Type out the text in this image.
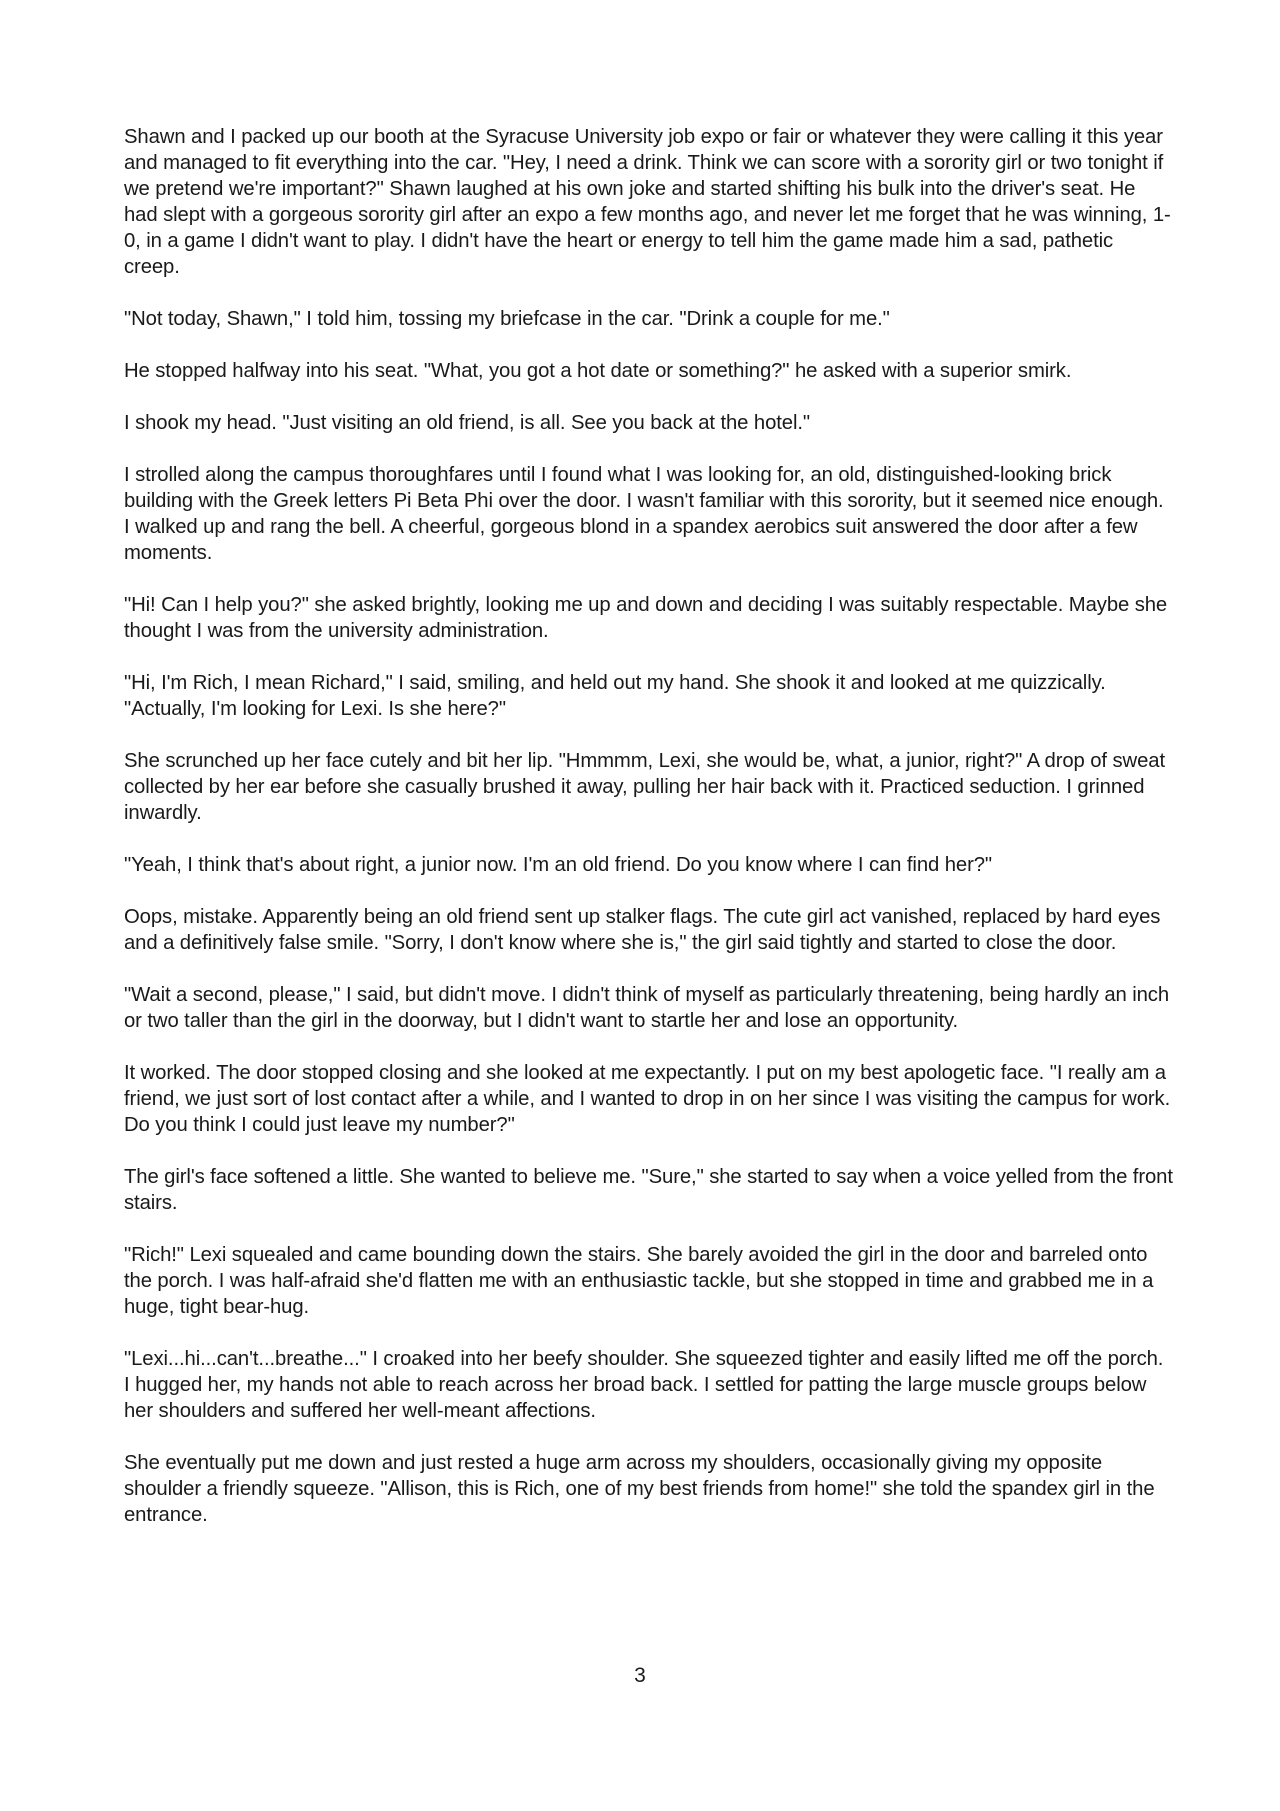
Shawn and I packed up our booth at the Syracuse University job expo or fair or whatever they were calling it this year and managed to fit everything into the car. "Hey, I need a drink. Think we can score with a sorority girl or two tonight if we pretend we're important?" Shawn laughed at his own joke and started shifting his bulk into the driver's seat. He had slept with a gorgeous sorority girl after an expo a few months ago, and never let me forget that he was winning, 1-0, in a game I didn't want to play. I didn't have the heart or energy to tell him the game made him a sad, pathetic creep.

"Not today, Shawn," I told him, tossing my briefcase in the car. "Drink a couple for me."

He stopped halfway into his seat. "What, you got a hot date or something?" he asked with a superior smirk.

I shook my head. "Just visiting an old friend, is all. See you back at the hotel."

I strolled along the campus thoroughfares until I found what I was looking for, an old, distinguished-looking brick building with the Greek letters Pi Beta Phi over the door. I wasn't familiar with this sorority, but it seemed nice enough. I walked up and rang the bell. A cheerful, gorgeous blond in a spandex aerobics suit answered the door after a few moments.

"Hi! Can I help you?" she asked brightly, looking me up and down and deciding I was suitably respectable. Maybe she thought I was from the university administration.

"Hi, I'm Rich, I mean Richard," I said, smiling, and held out my hand. She shook it and looked at me quizzically. "Actually, I'm looking for Lexi. Is she here?"

She scrunched up her face cutely and bit her lip. "Hmmmm, Lexi, she would be, what, a junior, right?" A drop of sweat collected by her ear before she casually brushed it away, pulling her hair back with it. Practiced seduction. I grinned inwardly.

"Yeah, I think that's about right, a junior now. I'm an old friend. Do you know where I can find her?"

Oops, mistake. Apparently being an old friend sent up stalker flags. The cute girl act vanished, replaced by hard eyes and a definitively false smile. "Sorry, I don't know where she is," the girl said tightly and started to close the door.

"Wait a second, please," I said, but didn't move. I didn't think of myself as particularly threatening, being hardly an inch or two taller than the girl in the doorway, but I didn't want to startle her and lose an opportunity.

It worked. The door stopped closing and she looked at me expectantly. I put on my best apologetic face. "I really am a friend, we just sort of lost contact after a while, and I wanted to drop in on her since I was visiting the campus for work. Do you think I could just leave my number?"

The girl's face softened a little. She wanted to believe me. "Sure," she started to say when a voice yelled from the front stairs.

"Rich!" Lexi squealed and came bounding down the stairs. She barely avoided the girl in the door and barreled onto the porch. I was half-afraid she'd flatten me with an enthusiastic tackle, but she stopped in time and grabbed me in a huge, tight bear-hug.

"Lexi...hi...can't...breathe..." I croaked into her beefy shoulder. She squeezed tighter and easily lifted me off the porch. I hugged her, my hands not able to reach across her broad back. I settled for patting the large muscle groups below her shoulders and suffered her well-meant affections.

She eventually put me down and just rested a huge arm across my shoulders, occasionally giving my opposite shoulder a friendly squeeze. "Allison, this is Rich, one of my best friends from home!" she told the spandex girl in the entrance.

3
